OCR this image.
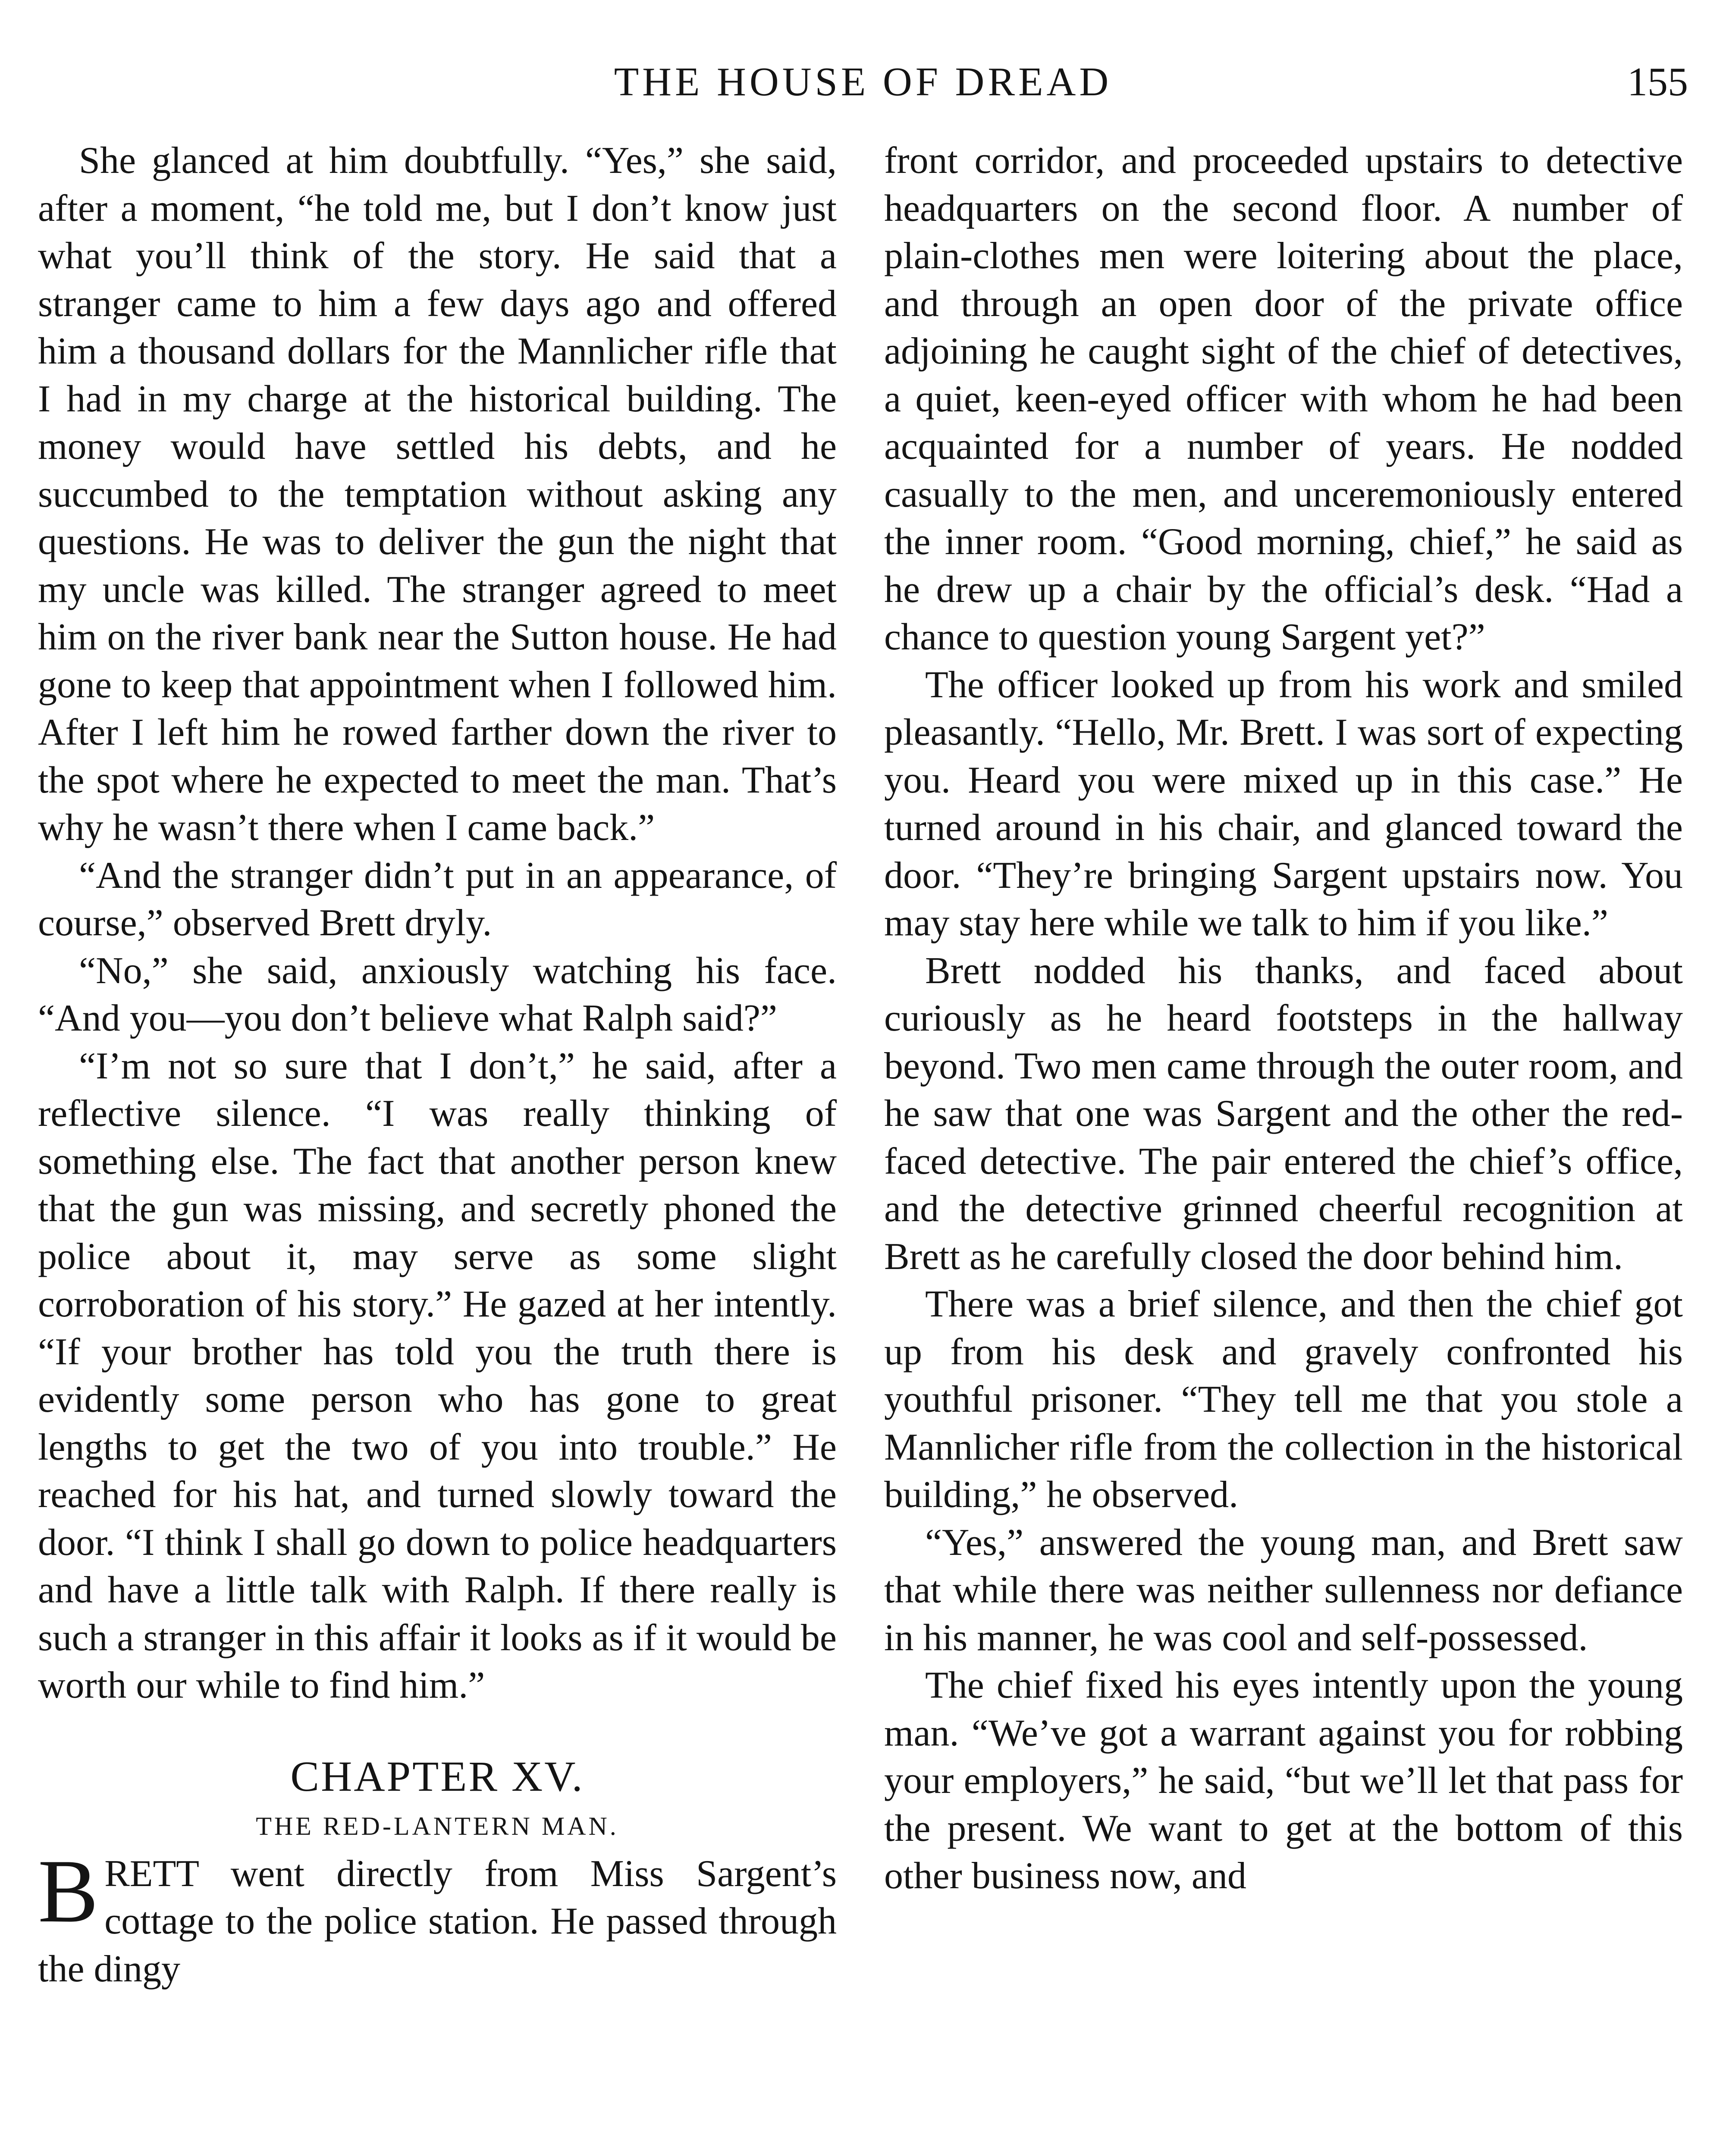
THE HOUSE OF DREAD	155

She glanced at him doubtfully. “Yes,” she said, after a moment, “he told me, but I don’t know just what you’ll think of the story. He said that a stranger came to him a few days ago and offered him a thousand dollars for the Mannlicher rifle that I had in my charge at the historical building. The money would have settled his debts, and he succumbed to the temptation without asking any questions. He was to deliver the gun the night that my uncle was killed. The stranger agreed to meet him on the river bank near the Sutton house. He had gone to keep that appointment when I followed him. After I left him he rowed farther down the river to the spot where he expected to meet the man. That’s why he wasn’t there when I came back.”

“And the stranger didn’t put in an appearance, of course,” observed Brett dryly.

“No,” she said, anxiously watching his face. “And you—you don’t believe what Ralph said?”

“I’m not so sure that I don’t,” he said, after a reflective silence. “I was really thinking of something else. The fact that another person knew that the gun was missing, and secretly phoned the police about it, may serve as some slight corroboration of his story.” He gazed at her intently. “If your brother has told you the truth there is evidently some person who has gone to great lengths to get the two of you into trouble.” He reached for his hat, and turned slowly toward the door. “I think I shall go down to police headquarters and have a little talk with Ralph. If there really is such a stranger in this affair it looks as if it would be worth our while to find him.”

CHAPTER XV.
THE RED-LANTERN MAN.

BRETT went directly from Miss Sargent’s cottage to the police station. He passed through the dingy

front corridor, and proceeded upstairs to detective headquarters on the second floor. A number of plain-clothes men were loitering about the place, and through an open door of the private office adjoining he caught sight of the chief of detectives, a quiet, keen-eyed officer with whom he had been acquainted for a number of years. He nodded casually to the men, and unceremoniously entered the inner room. “Good morning, chief,” he said as he drew up a chair by the official’s desk. “Had a chance to question young Sargent yet?”

The officer looked up from his work and smiled pleasantly. “Hello, Mr. Brett. I was sort of expecting you. Heard you were mixed up in this case.” He turned around in his chair, and glanced toward the door. “They’re bringing Sargent upstairs now. You may stay here while we talk to him if you like.”

Brett nodded his thanks, and faced about curiously as he heard footsteps in the hallway beyond. Two men came through the outer room, and he saw that one was Sargent and the other the red-faced detective. The pair entered the chief’s office, and the detective grinned cheerful recognition at Brett as he carefully closed the door behind him.

There was a brief silence, and then the chief got up from his desk and gravely confronted his youthful prisoner. “They tell me that you stole a Mannlicher rifle from the collection in the historical building,” he observed.

“Yes,” answered the young man, and Brett saw that while there was neither sullenness nor defiance in his manner, he was cool and self-possessed.

The chief fixed his eyes intently upon the young man. “We’ve got a warrant against you for robbing your employers,” he said, “but we’ll let that pass for the present. We want to get at the bottom of this other business now, and
